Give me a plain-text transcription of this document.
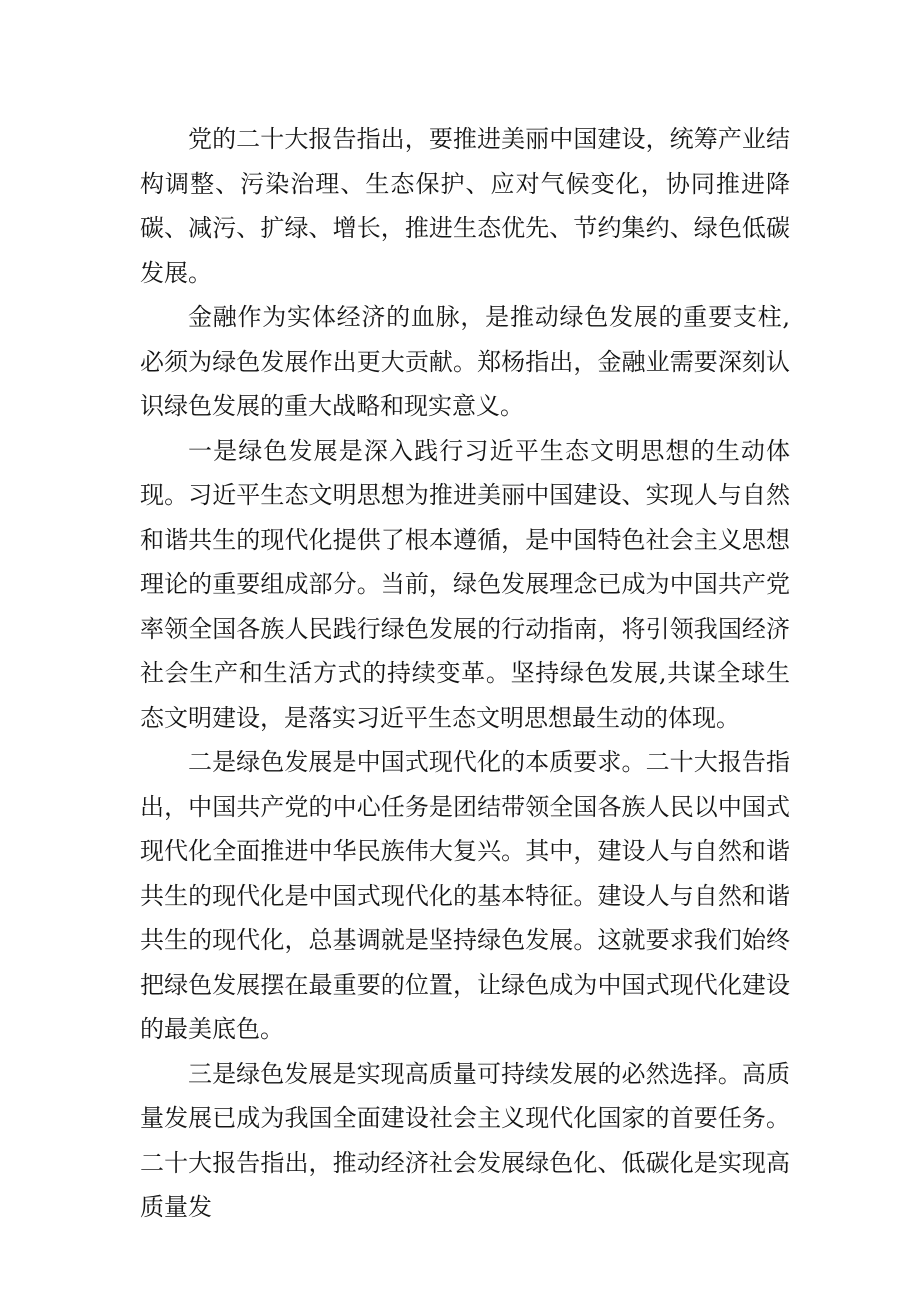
党的二十大报告指出，要推进美丽中国建设，统筹产业结构调整、污染治理、生态保护、应对气候变化，协同推进降碳、减污、扩绿、增长，推进生态优先、节约集约、绿色低碳发展。

金融作为实体经济的血脉，是推动绿色发展的重要支柱,必须为绿色发展作出更大贡献。郑杨指出，金融业需要深刻认识绿色发展的重大战略和现实意义。

一是绿色发展是深入践行习近平生态文明思想的生动体现。习近平生态文明思想为推进美丽中国建设、实现人与自然和谐共生的现代化提供了根本遵循，是中国特色社会主义思想理论的重要组成部分。当前，绿色发展理念已成为中国共产党率领全国各族人民践行绿色发展的行动指南，将引领我国经济社会生产和生活方式的持续变革。坚持绿色发展,共谋全球生态文明建设，是落实习近平生态文明思想最生动的体现。

二是绿色发展是中国式现代化的本质要求。二十大报告指出，中国共产党的中心任务是团结带领全国各族人民以中国式现代化全面推进中华民族伟大复兴。其中，建设人与自然和谐共生的现代化是中国式现代化的基本特征。建设人与自然和谐共生的现代化，总基调就是坚持绿色发展。这就要求我们始终把绿色发展摆在最重要的位置，让绿色成为中国式现代化建设的最美底色。

三是绿色发展是实现高质量可持续发展的必然选择。高质量发展已成为我国全面建设社会主义现代化国家的首要任务。二十大报告指出，推动经济社会发展绿色化、低碳化是实现高质量发
